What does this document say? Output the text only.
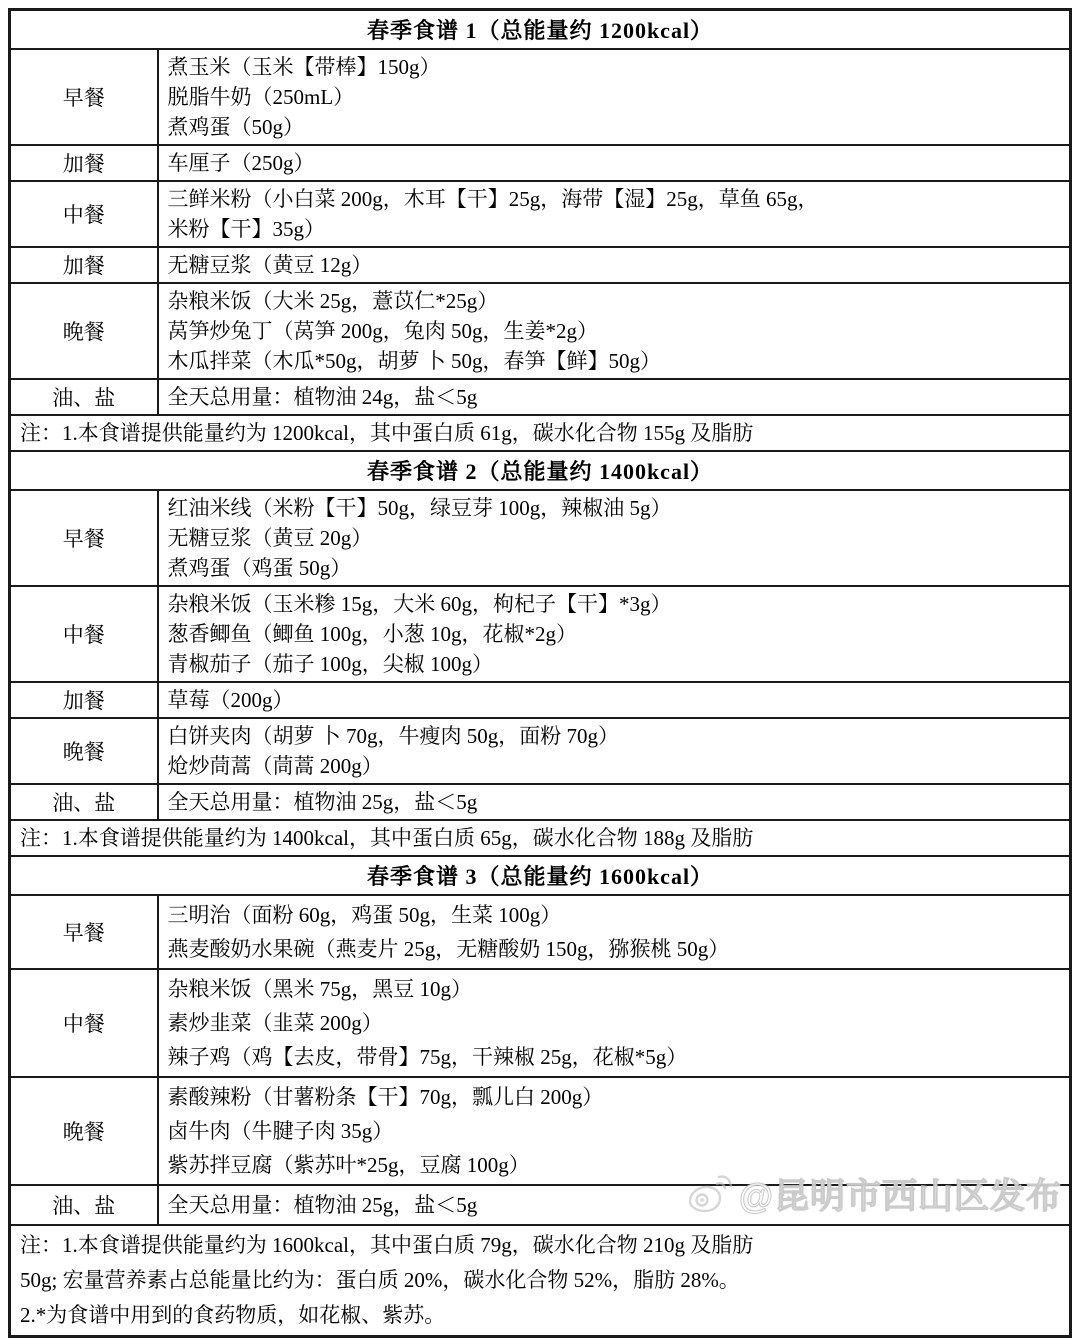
春季食谱 1（总能量约 1200kcal）	
早餐	煮玉米（玉米【带棒】150g）
脱脂牛奶（250mL）
煮鸡蛋（50g）

加餐	车厘子（250g）

中餐	三鲜米粉（小白菜 200g，木耳【干】25g，海带【湿】25g，草鱼 65g，
米粉【干】35g）

加餐	无糖豆浆（黄豆 12g）

晚餐	杂粮米饭（大米 25g，薏苡仁*25g）
莴笋炒兔丁（莴笋 200g，兔肉 50g，生姜*2g）
木瓜拌菜（木瓜*50g，胡萝 卜 50g，春笋【鲜】50g）

油、盐	全天总用量：植物油 24g，盐＜5g

注：1.本食谱提供能量约为 1200kcal，其中蛋白质 61g，碳水化合物 155g 及脂肪	

春季食谱 2（总能量约 1400kcal）	
早餐	红油米线（米粉【干】50g，绿豆芽 100g，辣椒油 5g）
无糖豆浆（黄豆 20g）
煮鸡蛋（鸡蛋 50g）

中餐	杂粮米饭（玉米糁 15g，大米 60g，枸杞子【干】*3g）
葱香鲫鱼（鲫鱼 100g，小葱 10g，花椒*2g）
青椒茄子（茄子 100g，尖椒 100g）

加餐	草莓（200g）

晚餐	白饼夹肉（胡萝 卜 70g，牛瘦肉 50g，面粉 70g）
炝炒茼蒿（茼蒿 200g）

油、盐	全天总用量：植物油 25g，盐＜5g

注：1.本食谱提供能量约为 1400kcal，其中蛋白质 65g，碳水化合物 188g 及脂肪	

春季食谱 3（总能量约 1600kcal）	
早餐	三明治（面粉 60g，鸡蛋 50g，生菜 100g）
燕麦酸奶水果碗（燕麦片 25g，无糖酸奶 150g，猕猴桃 50g）

中餐	杂粮米饭（黑米 75g，黑豆 10g）
素炒韭菜（韭菜 200g）
辣子鸡（鸡【去皮，带骨】75g，干辣椒 25g，花椒*5g）

晚餐	素酸辣粉（甘薯粉条【干】70g，瓢儿白 200g）
卤牛肉（牛腱子肉 35g）
紫苏拌豆腐（紫苏叶*25g，豆腐 100g）

油、盐	全天总用量：植物油 25g，盐＜5g

注：1.本食谱提供能量约为 1600kcal，其中蛋白质 79g，碳水化合物 210g 及脂肪
50g; 宏量营养素占总能量比约为：蛋白质 20%，碳水化合物 52%，脂肪 28%。
2.*为食谱中用到的食药物质，如花椒、紫苏。	
@昆明市西山区发布
